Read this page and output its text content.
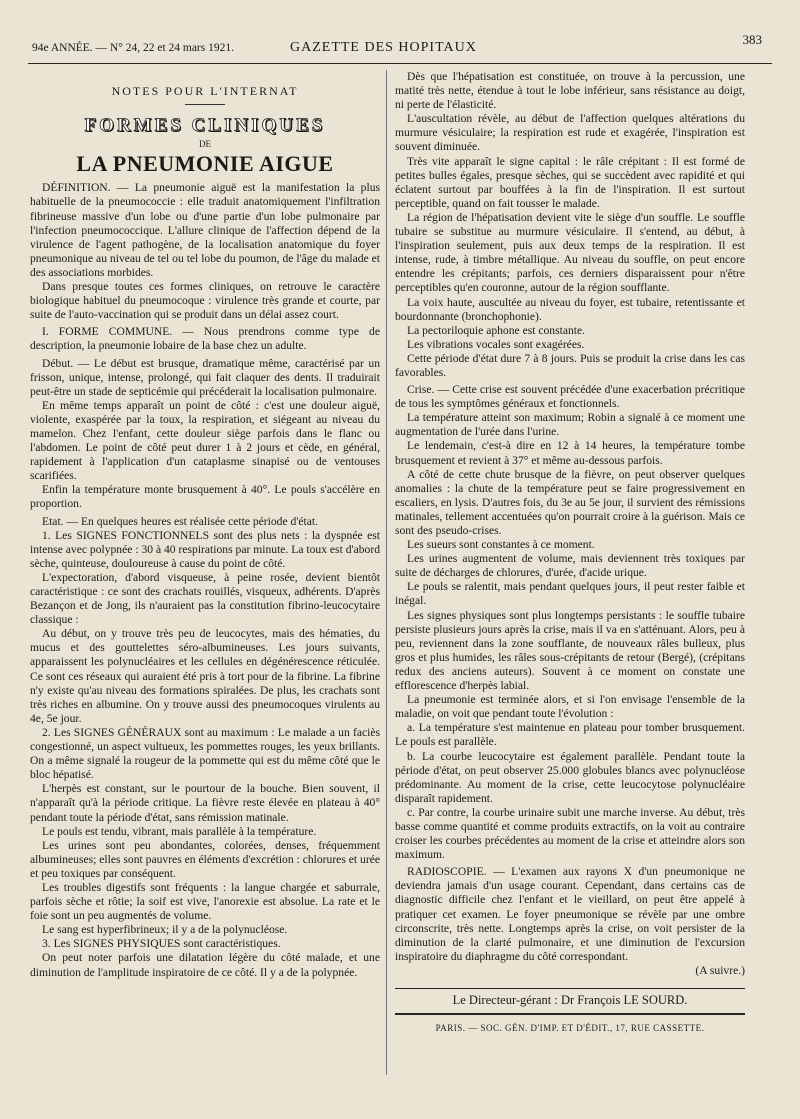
94e ANNÉE. — N° 24, 22 et 24 mars 1921.	GAZETTE DES HOPITAUX
383
NOTES POUR L'INTERNAT
FORMES CLINIQUES
DE
LA PNEUMONIE AIGUE

DÉFINITION. — La pneumonie aiguë est la manifestation la plus habituelle de la pneumococcie : elle traduit anatomiquement l'infiltration fibrineuse massive d'un lobe ou d'une partie d'un lobe pulmonaire par l'infection pneumococcique. L'allure clinique de l'affection dépend de la virulence de l'agent pathogène, de la localisation anatomique du foyer pneumonique au niveau de tel ou tel lobe du poumon, de l'âge du malade et des associations morbides.

Dans presque toutes ces formes cliniques, on retrouve le caractère biologique habituel du pneumocoque : virulence très grande et courte, par suite de l'auto-vaccination qui se produit dans un délai assez court.

I. FORME COMMUNE. — Nous prendrons comme type de description, la pneumonie lobaire de la base chez un adulte.

Début. — Le début est brusque, dramatique même, caractérisé par un frisson, unique, intense, prolongé, qui fait claquer des dents. Il traduirait peut-être un stade de septicémie qui précéderait la localisation pulmonaire.

En même temps apparaît un point de côté : c'est une douleur aiguë, violente, exaspérée par la toux, la respiration, et siégeant au niveau du mamelon. Chez l'enfant, cette douleur siège parfois dans le flanc ou l'abdomen. Le point de côté peut durer 1 à 2 jours et cède, en général, rapidement à l'application d'un cataplasme sinapisé ou de ventouses scarifiées.

Enfin la température monte brusquement à 40°. Le pouls s'accélère en proportion.

Etat. — En quelques heures est réalisée cette période d'état.

1. Les SIGNES FONCTIONNELS sont des plus nets : la dyspnée est intense avec polypnée : 30 à 40 respirations par minute. La toux est d'abord sèche, quinteuse, douloureuse à cause du point de côté.

L'expectoration, d'abord visqueuse, à peine rosée, devient bientôt caractéristique : ce sont des crachats rouillés, visqueux, adhérents. D'après Bezançon et de Jong, ils n'auraient pas la constitution fibrino-leucocytaire classique :

Au début, on y trouve très peu de leucocytes, mais des hématies, du mucus et des gouttelettes séro-albumineuses. Les jours suivants, apparaissent les polynucléaires et les cellules en dégénérescence réticulée. Ce sont ces réseaux qui auraient été pris à tort pour de la fibrine. La fibrine n'y existe qu'au niveau des formations spiralées. De plus, les crachats sont très riches en albumine. On y trouve aussi des pneumocoques virulents au 4e, 5e jour.

2. Les SIGNES GÉNÉRAUX sont au maximum : Le malade a un faciès congestionné, un aspect vultueux, les pommettes rouges, les yeux brillants. On a même signalé la rougeur de la pommette qui est du même côté que le bloc hépatisé.

L'herpès est constant, sur le pourtour de la bouche. Bien souvent, il n'apparaît qu'à la période critique. La fièvre reste élevée en plateau à 40° pendant toute la période d'état, sans rémission matinale.

Le pouls est tendu, vibrant, mais parallèle à la température.

Les urines sont peu abondantes, colorées, denses, fréquemment albumineuses; elles sont pauvres en éléments d'excrétion : chlorures et urée et peu toxiques par conséquent.

Les troubles digestifs sont fréquents : la langue chargée et saburrale, parfois sèche et rôtie; la soif est vive, l'anorexie est absolue. La rate et le foie sont un peu augmentés de volume.

Le sang est hyperfibrineux; il y a de la polynucléose.

3. Les SIGNES PHYSIQUES sont caractéristiques.

On peut noter parfois une dilatation légère du côté malade, et une diminution de l'amplitude inspiratoire de ce côté. Il y a de la polypnée.

Dès que l'hépatisation est constituée, on trouve à la percussion, une matité très nette, étendue à tout le lobe inférieur, sans résistance au doigt, ni perte de l'élasticité.

L'auscultation révèle, au début de l'affection quelques altérations du murmure vésiculaire; la respiration est rude et exagérée, l'inspiration est souvent diminuée.

Très vite apparaît le signe capital : le râle crépitant : Il est formé de petites bulles égales, presque sèches, qui se succèdent avec rapidité et qui éclatent surtout par bouffées à la fin de l'inspiration. Il est surtout perceptible, quand on fait tousser le malade.

La région de l'hépatisation devient vite le siège d'un souffle. Le souffle tubaire se substitue au murmure vésiculaire. Il s'entend, au début, à l'inspiration seulement, puis aux deux temps de la respiration. Il est intense, rude, à timbre métallique. Au niveau du souffle, on peut encore entendre les crépitants; parfois, ces derniers disparaissent pour n'être perceptibles qu'en couronne, autour de la région soufflante.

La voix haute, auscultée au niveau du foyer, est tubaire, retentissante et bourdonnante (bronchophonie).

La pectoriloquie aphone est constante.

Les vibrations vocales sont exagérées.

Cette période d'état dure 7 à 8 jours. Puis se produit la crise dans les cas favorables.

Crise. — Cette crise est souvent précédée d'une exacerbation précritique de tous les symptômes généraux et fonctionnels.

La température atteint son maximum; Robin a signalé à ce moment une augmentation de l'urée dans l'urine.

Le lendemain, c'est-à dire en 12 à 14 heures, la température tombe brusquement et revient à 37° et même au-dessous parfois.

A côté de cette chute brusque de la fièvre, on peut observer quelques anomalies : la chute de la température peut se faire progressivement en escaliers, en lysis. D'autres fois, du 3e au 5e jour, il survient des rémissions matinales, tellement accentuées qu'on pourrait croire à la guérison. Mais ce sont des pseudo-crises.

Les sueurs sont constantes à ce moment.

Les urines augmentent de volume, mais deviennent très toxiques par suite de décharges de chlorures, d'urée, d'acide urique.

Le pouls se ralentit, mais pendant quelques jours, il peut rester faible et inégal.

Les signes physiques sont plus longtemps persistants : le souffle tubaire persiste plusieurs jours après la crise, mais il va en s'atténuant. Alors, peu à peu, reviennent dans la zone soufflante, de nouveaux râles bulleux, plus gros et plus humides, les râles sous-crépitants de retour (Bergé), (crépitans redux des anciens auteurs). Souvent à ce moment on constate une efflorescence d'herpès labial.

La pneumonie est terminée alors, et si l'on envisage l'ensemble de la maladie, on voit que pendant toute l'évolution :

a. La température s'est maintenue en plateau pour tomber brusquement. Le pouls est parallèle.

b. La courbe leucocytaire est également parallèle. Pendant toute la période d'état, on peut observer 25.000 globules blancs avec polynucléose prédominante. Au moment de la crise, cette leucocytose polynucléaire disparaît rapidement.

c. Par contre, la courbe urinaire subit une marche inverse. Au début, très basse comme quantité et comme produits extractifs, on la voit au contraire croiser les courbes précédentes au moment de la crise et atteindre alors son maximum.

RADIOSCOPIE. — L'examen aux rayons X d'un pneumonique ne deviendra jamais d'un usage courant. Cependant, dans certains cas de diagnostic difficile chez l'enfant et le vieillard, on peut être appelé à pratiquer cet examen. Le foyer pneumonique se révèle par une ombre circonscrite, très nette. Longtemps après la crise, on voit persister de la diminution de la clarté pulmonaire, et une diminution de l'excursion inspiratoire du diaphragme du côté correspondant.

(A suivre.)
Le Directeur-gérant : Dr François LE SOURD.
PARIS. — SOC. GÉN. D'IMP. ET D'ÉDIT., 17, RUE CASSETTE.
